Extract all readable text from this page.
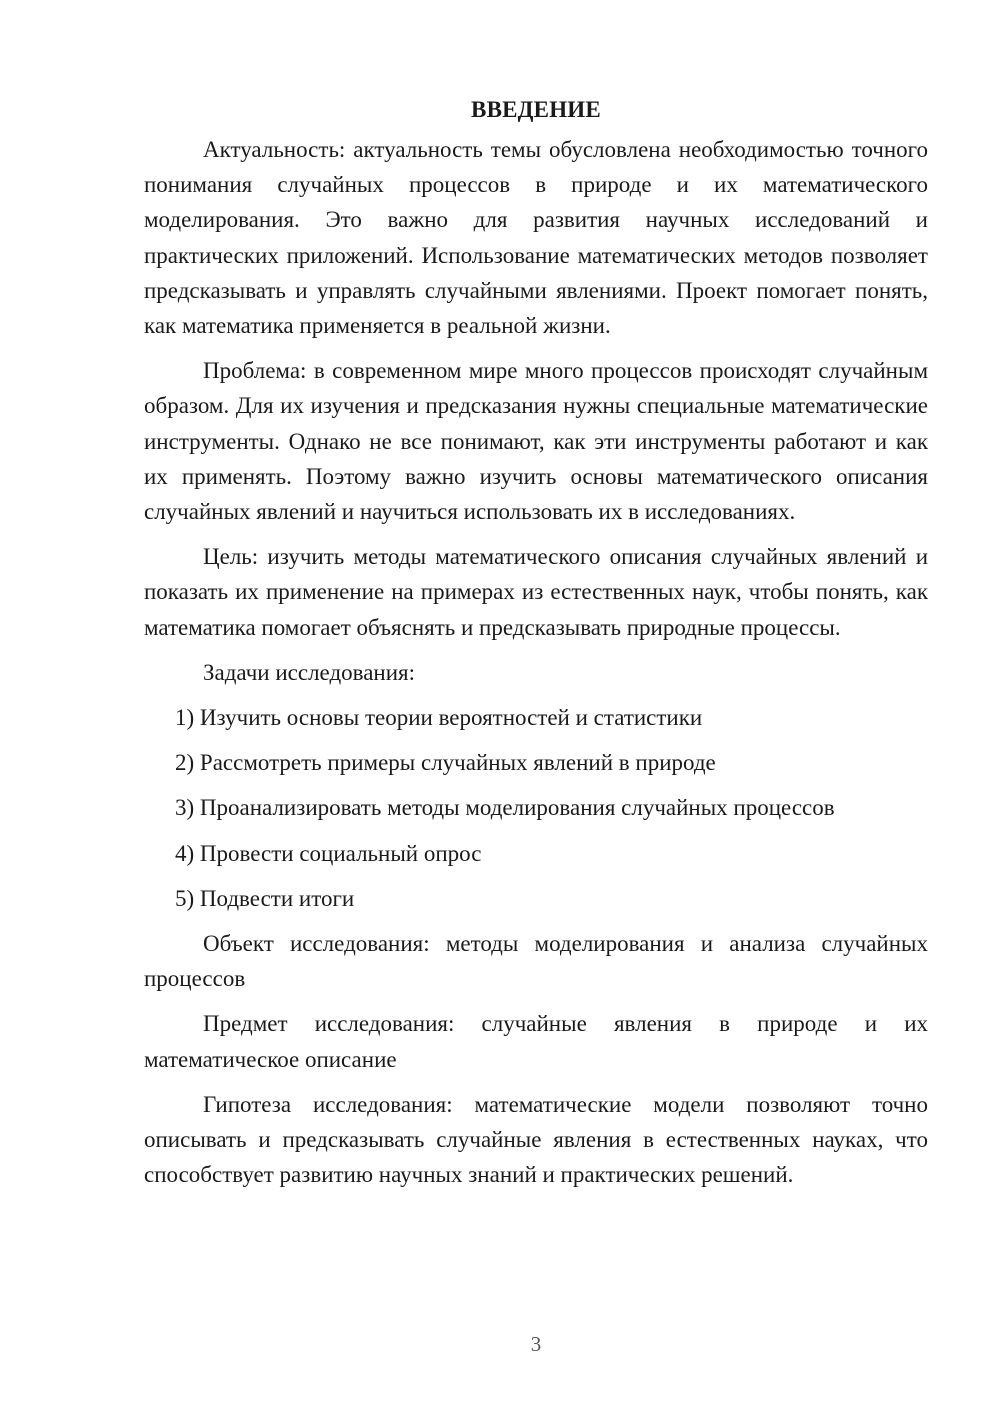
ВВЕДЕНИЕ

Актуальность: актуальность темы обусловлена необходимостью точного понимания случайных процессов в природе и их математического моделирования. Это важно для развития научных исследований и практических приложений. Использование математических методов позволяет предсказывать и управлять случайными явлениями. Проект помогает понять, как математика применяется в реальной жизни.

Проблема: в современном мире много процессов происходят случайным образом. Для их изучения и предсказания нужны специальные математические инструменты. Однако не все понимают, как эти инструменты работают и как их применять. Поэтому важно изучить основы математического описания случайных явлений и научиться использовать их в исследованиях.

Цель: изучить методы математического описания случайных явлений и показать их применение на примерах из естественных наук, чтобы понять, как математика помогает объяснять и предсказывать природные процессы.

Задачи исследования:

1) Изучить основы теории вероятностей и статистики
2) Рассмотреть примеры случайных явлений в природе
3) Проанализировать методы моделирования случайных процессов
4) Провести социальный опрос
5) Подвести итоги

Объект исследования: методы моделирования и анализа случайных процессов

Предмет исследования: случайные явления в природе и их математическое описание

Гипотеза исследования: математические модели позволяют точно описывать и предсказывать случайные явления в естественных науках, что способствует развитию научных знаний и практических решений.

3
